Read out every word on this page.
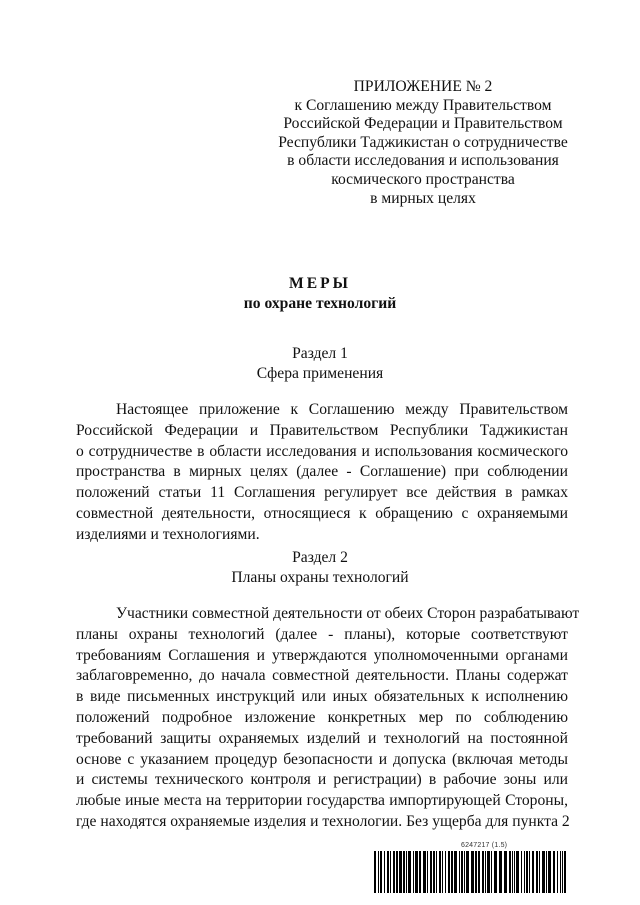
ПРИЛОЖЕНИЕ № 2
к Соглашению между Правительством
Российской Федерации и Правительством
Республики Таджикистан о сотрудничестве
в области исследования и использования
космического пространства
в мирных целях
МЕРЫ
по охране технологий
Раздел 1
Сфера применения
Настоящее приложение к Соглашению между Правительством
Российской Федерации и Правительством Республики Таджикистан
о сотрудничестве в области исследования и использования космического
пространства в мирных целях (далее - Соглашение) при соблюдении
положений статьи 11 Соглашения регулирует все действия в рамках
совместной деятельности, относящиеся к обращению с охраняемыми
изделиями и технологиями.
Раздел 2
Планы охраны технологий
Участники совместной деятельности от обеих Сторон разрабатывают
планы охраны технологий (далее - планы), которые соответствуют
требованиям Соглашения и утверждаются уполномоченными органами
заблаговременно, до начала совместной деятельности. Планы содержат
в виде письменных инструкций или иных обязательных к исполнению
положений подробное изложение конкретных мер по соблюдению
требований защиты охраняемых изделий и технологий на постоянной
основе с указанием процедур безопасности и допуска (включая методы
и системы технического контроля и регистрации) в рабочие зоны или
любые иные места на территории государства импортирующей Стороны,
где находятся охраняемые изделия и технологии. Без ущерба для пункта 2
6247217 (1.5)
